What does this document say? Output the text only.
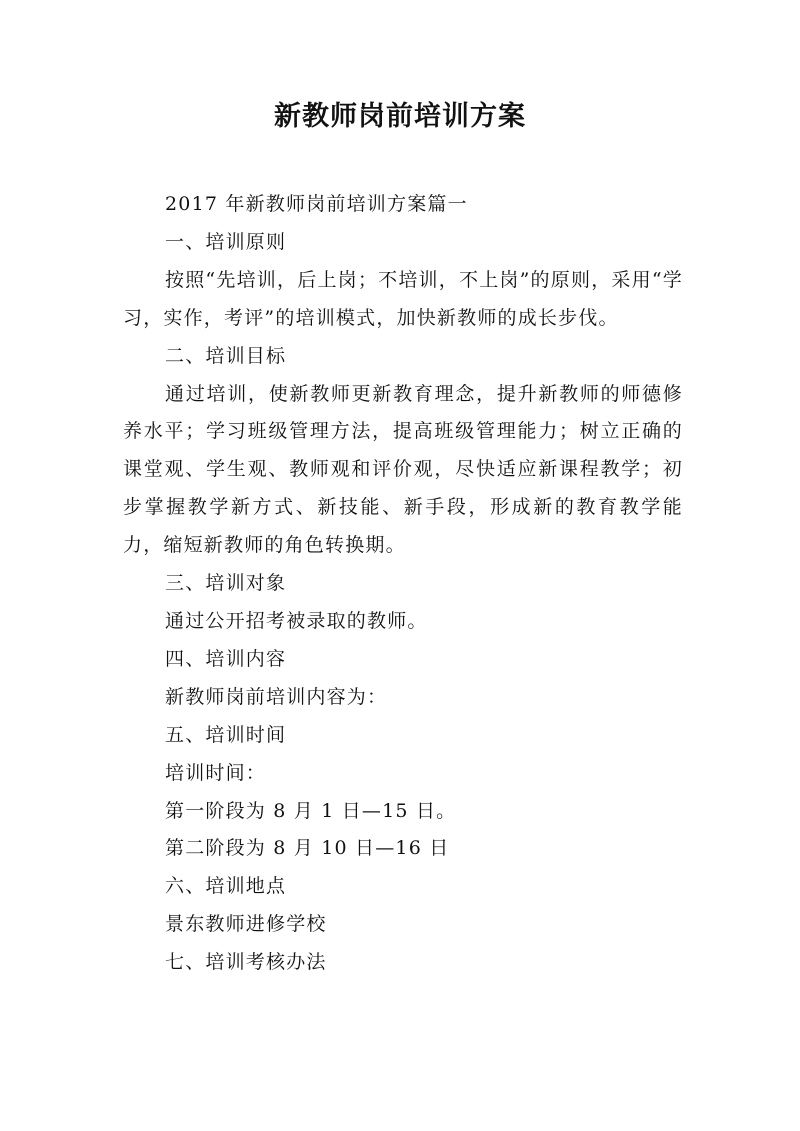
新教师岗前培训方案

2017 年新教师岗前培训方案篇一

一、培训原则

按照“先培训，后上岗；不培训，不上岗”的原则，采用“学习，实作，考评”的培训模式，加快新教师的成长步伐。

二、培训目标

通过培训，使新教师更新教育理念，提升新教师的师德修养水平；学习班级管理方法，提高班级管理能力；树立正确的课堂观、学生观、教师观和评价观，尽快适应新课程教学；初步掌握教学新方式、新技能、新手段，形成新的教育教学能力，缩短新教师的角色转换期。

三、培训对象

通过公开招考被录取的教师。

四、培训内容

新教师岗前培训内容为：

五、培训时间

培训时间：

第一阶段为 8 月 1 日—15 日。

第二阶段为 8 月 10 日—16 日

六、培训地点

景东教师进修学校

七、培训考核办法
